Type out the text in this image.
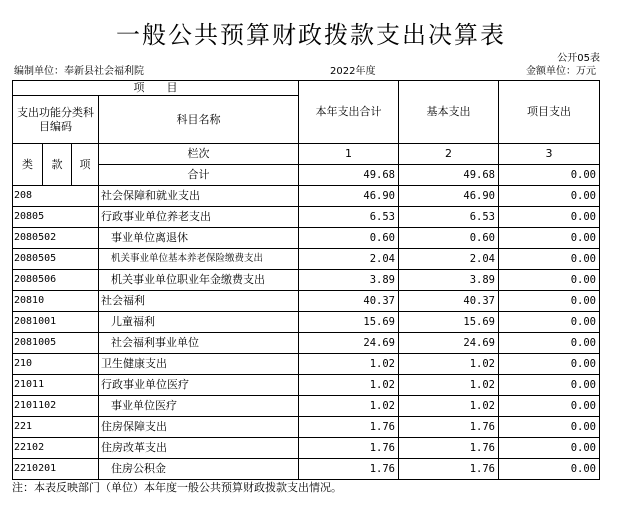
一般公共预算财政拨款支出决算表
公开05表
编制单位：奉新县社会福利院	2022年度	金额单位：万元
项　　目				本年支出合计	基本支出	项目支出
支出功能分类科目编码			科目名称			
类	款	项	栏次	1	2	3
			合计	49.68	49.68	0.00
208			社会保障和就业支出	46.90	46.90	0.00
20805			行政事业单位养老支出	6.53	6.53	0.00
2080502			事业单位离退休	0.60	0.60	0.00
2080505			机关事业单位基本养老保险缴费支出	2.04	2.04	0.00
2080506			机关事业单位职业年金缴费支出	3.89	3.89	0.00
20810			社会福利	40.37	40.37	0.00
2081001			儿童福利	15.69	15.69	0.00
2081005			社会福利事业单位	24.69	24.69	0.00
210			卫生健康支出	1.02	1.02	0.00
21011			行政事业单位医疗	1.02	1.02	0.00
2101102			事业单位医疗	1.02	1.02	0.00
221			住房保障支出	1.76	1.76	0.00
22102			住房改革支出	1.76	1.76	0.00
2210201			住房公积金	1.76	1.76	0.00
注：本表反映部门（单位）本年度一般公共预算财政拨款支出情况。
